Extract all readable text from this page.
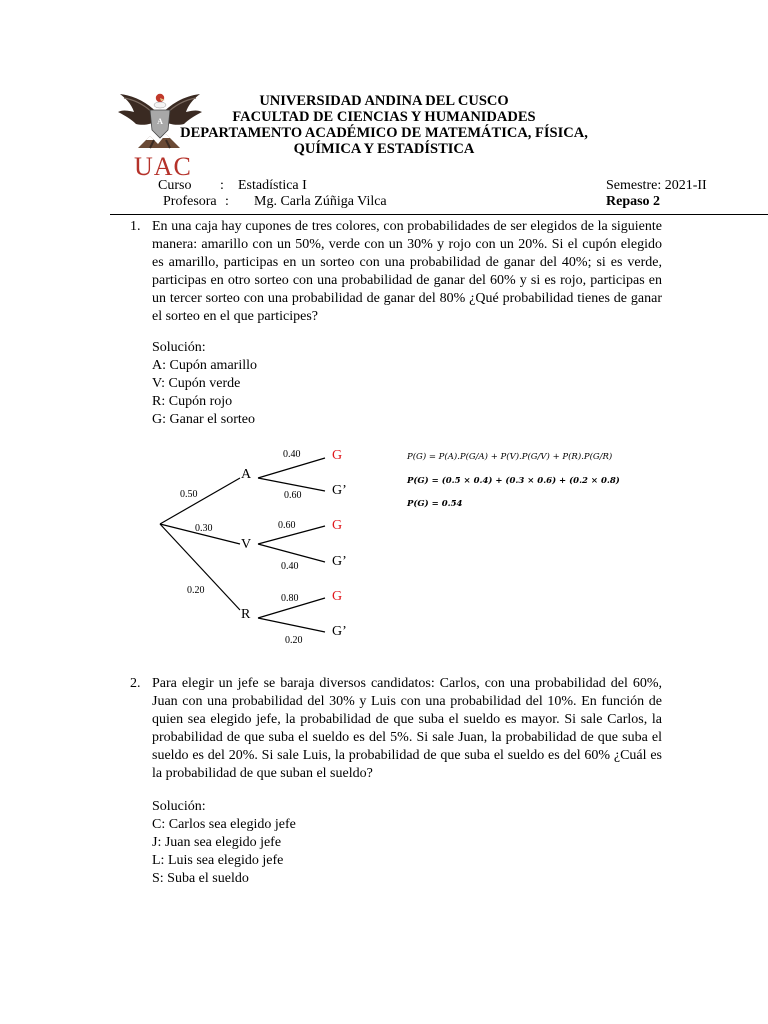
A
UAC
UNIVERSIDAD ANDINA DEL CUSCO
FACULTAD DE CIENCIAS Y HUMANIDADES
DEPARTAMENTO ACADÉMICO DE MATEMÁTICA, FÍSICA,
QUÍMICA Y ESTADÍSTICA
Curso : Estadística I
Profesora : Mg. Carla Zúñiga Vilca
Semestre: 2021-II
Repaso 2
1. En una caja hay cupones de tres colores, con probabilidades de ser elegidos de la siguiente manera: amarillo con un 50%, verde con un 30% y rojo con un 20%. Si el cupón elegido es amarillo, participas en un sorteo con una probabilidad de ganar del 40%; si es verde, participas en otro sorteo con una probabilidad de ganar del 60% y si es rojo, participas en un tercer sorteo con una probabilidad de ganar del 80% ¿Qué probabilidad tienes de ganar el sorteo en el que participes?
Solución:
A: Cupón amarillo
V: Cupón verde
R: Cupón rojo
G: Ganar el sorteo
A
V
R
0.50
0.30
0.20
0.40
0.60
0.60
0.40
0.80
0.20
G
G’
G
G’
G
G’
P(G) = P(A).P(G/A) + P(V).P(G/V) + P(R).P(G/R)
P(G) = (0.5 × 0.4) + (0.3 × 0.6) + (0.2 × 0.8)
P(G) = 0.54
2. Para elegir un jefe se baraja diversos candidatos: Carlos, con una probabilidad del 60%, Juan con una probabilidad del 30% y Luis con una probabilidad del 10%. En función de quien sea elegido jefe, la probabilidad de que suba el sueldo es mayor. Si sale Carlos, la probabilidad de que suba el sueldo es del 5%. Si sale Juan, la probabilidad de que suba el sueldo es del 20%. Si sale Luis, la probabilidad de que suba el sueldo es del 60% ¿Cuál es la probabilidad de que suban el sueldo?
Solución:
C: Carlos sea elegido jefe
J: Juan sea elegido jefe
L: Luis sea elegido jefe
S: Suba el sueldo
